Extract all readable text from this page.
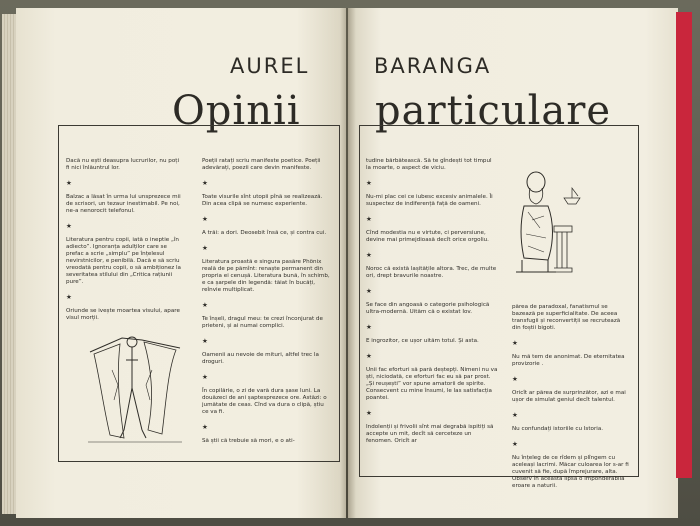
AUREL	BARANGA
Opinii particulare

Dacă nu ești deasupra lucrurilor, nu poți fi nici înlăuntrul lor.

★

Balzac a lăsat în urma lui unsprezece mii de scrisori, un tezaur inestimabil. Pe noi, ne-a nenorocit telefonul.

★

Literatura pentru copii, iată o ineptie „în adiecto”. Ignoranța adulților care se prefac a scrie „simplu” pe înțelesul nevirstnicilor, e penibilă. Dacă e să scriu vreodată pentru copii, o să ambiționez la severitatea stilului din „Critica rațiunii pure”.

★

Oriunde se ivește moartea visului, apare visul morții.

Poeții ratați scriu manifeste poetice. Poeții adevărați, poezii care devin manifeste.

★

Toate visurile sînt utopii pînă se realizează. Din acea clipă se numesc experiente.

★

A trăi: a dori. Deosebit însă ce, și contra cui.

★

Literatura proastă e singura pasăre Phönix reală de pe pămînt: renaște permanent din propria ei cenușă. Literatura bună, în schimb, e ca șarpele din legendă: tăiat în bucăți, reînvie multiplicat.

★

Te înșeli, dragul meu: te crezi înconjurat de prieteni, și ai numai complici.

★

Oamenii au nevoie de mituri, altfel trec la droguri.

★

În copilărie, o zi de vară dura șase luni. La douăzeci de ani șaptesprezece ore. Astăzi: o jumătate de ceas. Cînd va dura o clipă, știu ce va fi.

★

Să știi că trebuie să mori, e o ati-

tudine bărbătească. Să te gîndești tot timpul la moarte, o aspect de viciu.

★

Nu-mi plac cei ce iubesc excesiv animalele. Îi suspectez de indiferență față de oameni.

★

Cînd modestia nu e virtute, ci perversiune, devine mai primejdioasă decît orice orgoliu.

★

Noroc că există lașitățile altora. Trec, de multe ori, drept bravurile noastre.

★

Se face din angoasă o categorie psihologică ultra-modernă. Uităm că o existat Iov.

★

E ingrozitor, ce ușor uităm totul. Și asta.

★

Unii fac eforturi să pară deștepți. Nimeni nu va ști, niciodată, ce eforturi fac eu să par prost. „Și reușești” vor spune amatorii de spirite. Consecvent cu mine însumi, le las satisfacția poantei.

★

Indolenții și frivolii sînt mai degrabă ispitiți să accepte un mit, decît să cerceteze un fenomen. Oricît ar

părea de paradoxal, fanatismul se bazează pe superficialitate. De aceea transfugii și reconvertiții se recrutează din foștii bigoti.

★

Nu mă tem de anonimat. De eternitatea provizorie .

★

Oricît ar părea de surprinzător, azi e mai ușor de simulat geniul decît talentul.

★

Nu confundați istoriile cu Istoria.

★

Nu înțeleg de ce rîdem și plîngem cu aceleași lacrimi. Măcar culoarea lor s-ar fi cuvenit să fie, după împrejurare, alta. Observ în această lipsă o imponderabilă eroare a naturii.
